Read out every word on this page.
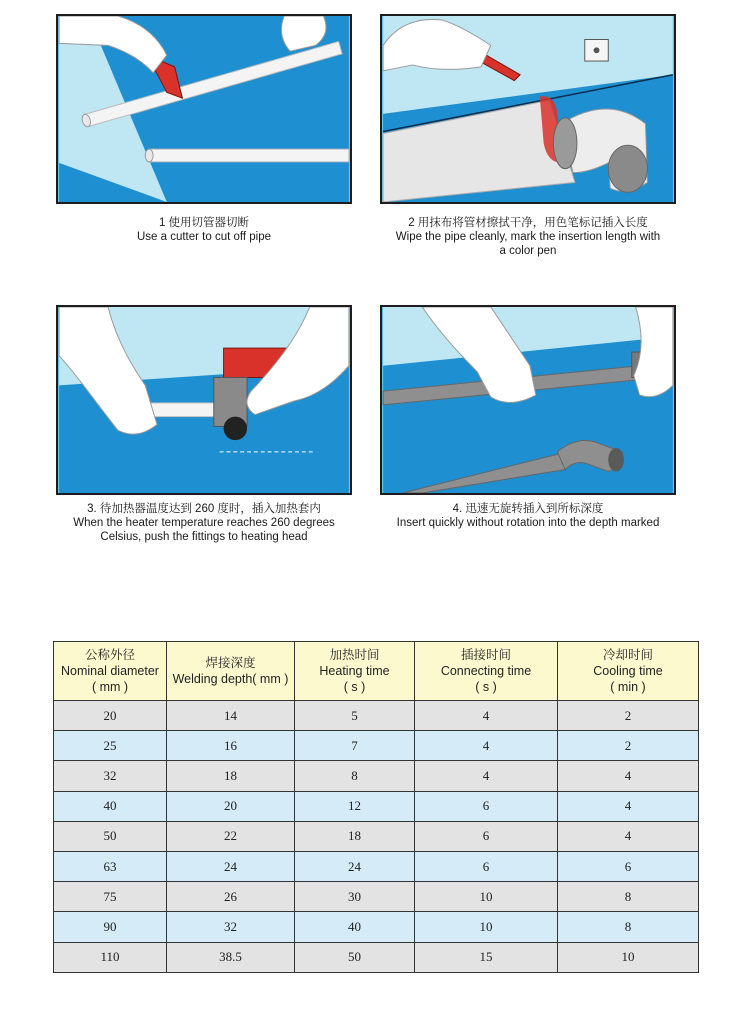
1 使用切管器切断
Use a cutter to cut off pipe
2 用抹布将管材擦拭干净，用色笔标记插入长度
Wipe the pipe cleanly, mark the insertion length with
a color pen
3. 待加热器温度达到 260 度时，插入加热套内
When the heater temperature reaches 260 degrees
Celsius, push the fittings to heating head
4. 迅速无旋转插入到所标深度
Insert quickly without rotation into the depth marked
公称外径
Nominal diameter
( mm )	焊接深度
Welding depth( mm )	加热时间
Heating time
( s )	插接时间
Connecting time
( s )	冷却时间
Cooling time
( min )

20	14	5	4	2
25	16	7	4	2
32	18	8	4	4
40	20	12	6	4
50	22	18	6	4
63	24	24	6	6
75	26	30	10	8
90	32	40	10	8
110	38.5	50	15	10
